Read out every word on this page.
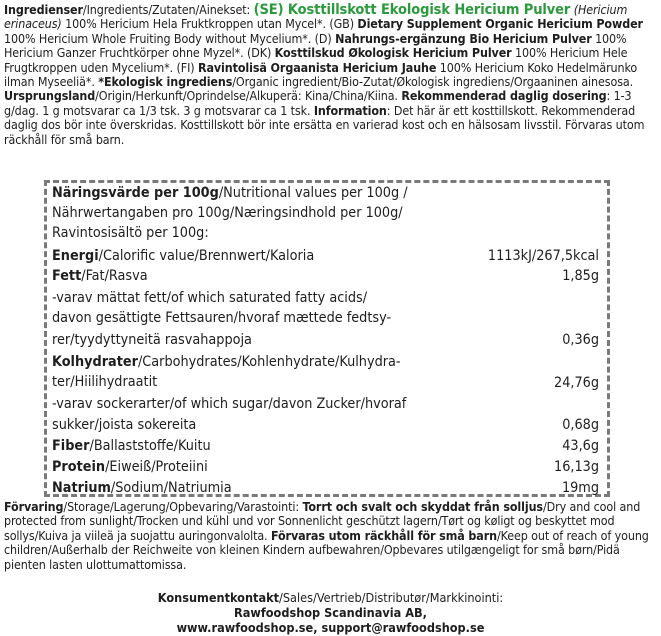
Ingredienser/Ingredients/Zutaten/Ainekset: (SE) Kosttillskott Ekologisk Hericium Pulver (Hericium erinaceus) 100% Hericium Hela Fruktkroppen utan Mycel*. (GB) Dietary Supplement Organic Hericium Powder 100% Hericium Whole Fruiting Body without Mycelium*. (D) Nahrungs-ergänzung Bio Hericium Pulver 100% Hericium Ganzer Fruchtkörper ohne Myzel*. (DK) Kosttilskud Økologisk Hericium Pulver 100% Hericium Hele Frugtkroppen uden Mycelium*. (FI) Ravintolisä Orgaanista Hericium Jauhe 100% Hericium Koko Hedelmärunko ilman Myseeliä*. *Ekologisk ingrediens/Organic ingredient/Bio-Zutat/Økologisk ingrediens/Orgaaninen ainesosa. Ursprungsland/Origin/Herkunft/Oprindelse/Alkuperä: Kina/China/Kiina. Rekommenderad daglig dosering: 1-3 g/dag. 1 g motsvarar ca 1/3 tsk. 3 g motsvarar ca 1 tsk. Information: Det här är ett kosttillskott. Rekommenderad daglig dos bör inte överskridas. Kosttillskott bör inte ersätta en varierad kost och en hälsosam livsstil. Förvaras utom räckhåll för små barn.
Näringsvärde per 100g/Nutritional values per 100g /
Nährwertangaben pro 100g/Næringsindhold per 100g/
Ravintosisältö per 100g:
Energi/Calorific value/Brennwert/Kaloria	1113kJ/267,5kcal
Fett/Fat/Rasva	1,85g
-varav mättat fett/of which saturated fatty acids/
davon gesättigte Fettsauren/hvoraf mættede fedtsy-
rer/tyydyttyneitä rasvahappoja	0,36g
Kolhydrater/Carbohydrates/Kohlenhydrate/Kulhydra-
ter/Hiilihydraatit	24,76g
-varav sockerarter/of which sugar/davon Zucker/hvoraf
sukker/joista sokereita	0,68g
Fiber/Ballaststoffe/Kuitu	43,6g
Protein/Eiweiß/Proteiini	16,13g
Natrium/Sodium/Natriumia	19mg
Förvaring/Storage/Lagerung/Opbevaring/Varastointi: Torrt och svalt och skyddat från solljus/Dry and cool and protected from sunlight/Trocken und kühl und vor Sonnenlicht geschützt lagern/Tørt og køligt og beskyttet mod sollys/Kuiva ja viileä ja suojattu auringonvalolta. Förvaras utom räckhåll för små barn/Keep out of reach of young children/Außerhalb der Reichweite von kleinen Kindern aufbewahren/Opbevares utilgængeligt for små børn/Pidä pienten lasten ulottumattomissa.
Konsumentkontakt/Sales/Vertrieb/Distributør/Markkinointi:
Rawfoodshop Scandinavia AB,
www.rawfoodshop.se, support@rawfoodshop.se
